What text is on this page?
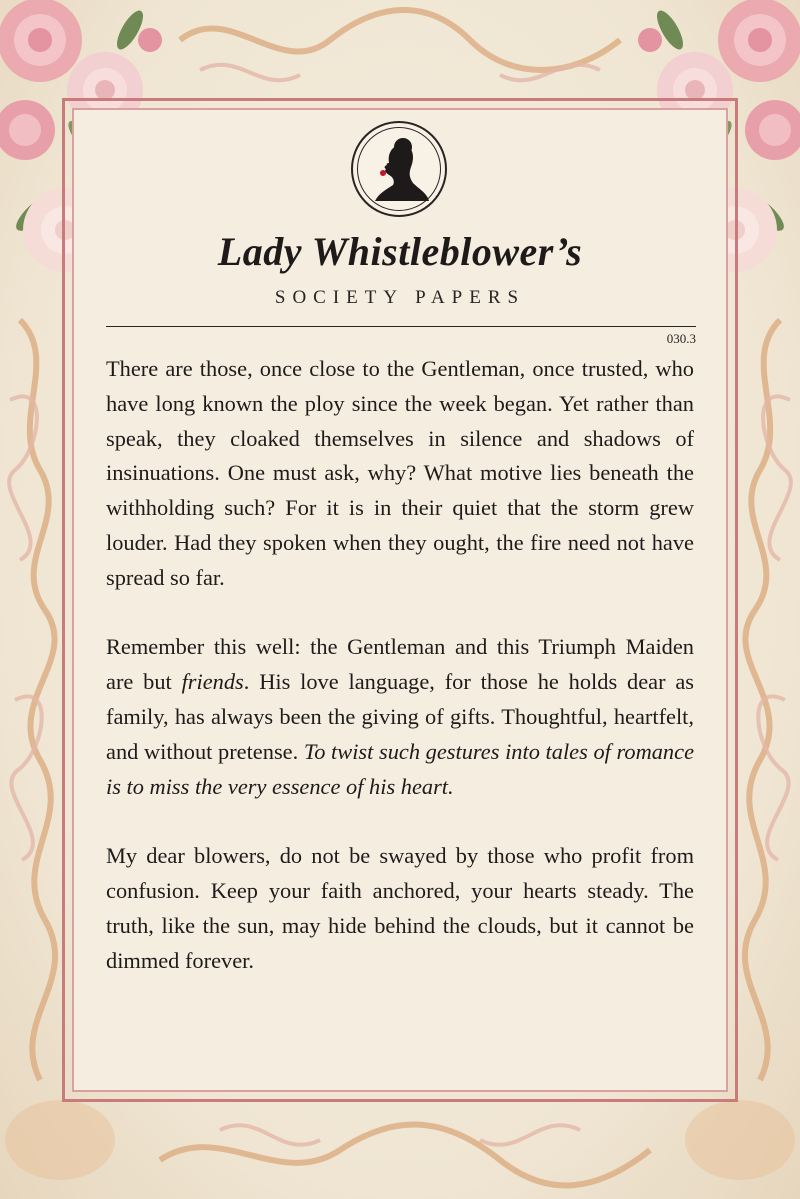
Lady Whistleblower’s
SOCIETY PAPERS
030.3

There are those, once close to the Gentleman, once trusted, who have long known the ploy since the week began. Yet rather than speak, they cloaked themselves in silence and shadows of insinuations. One must ask, why? What motive lies beneath the withholding such? For it is in their quiet that the storm grew louder. Had they spoken when they ought, the fire need not have spread so far.

Remember this well: the Gentleman and this Triumph Maiden are but friends. His love language, for those he holds dear as family, has always been the giving of gifts. Thoughtful, heartfelt, and without pretense. To twist such gestures into tales of romance is to miss the very essence of his heart.

My dear blowers, do not be swayed by those who profit from confusion. Keep your faith anchored, your hearts steady. The truth, like the sun, may hide behind the clouds, but it cannot be dimmed forever.
